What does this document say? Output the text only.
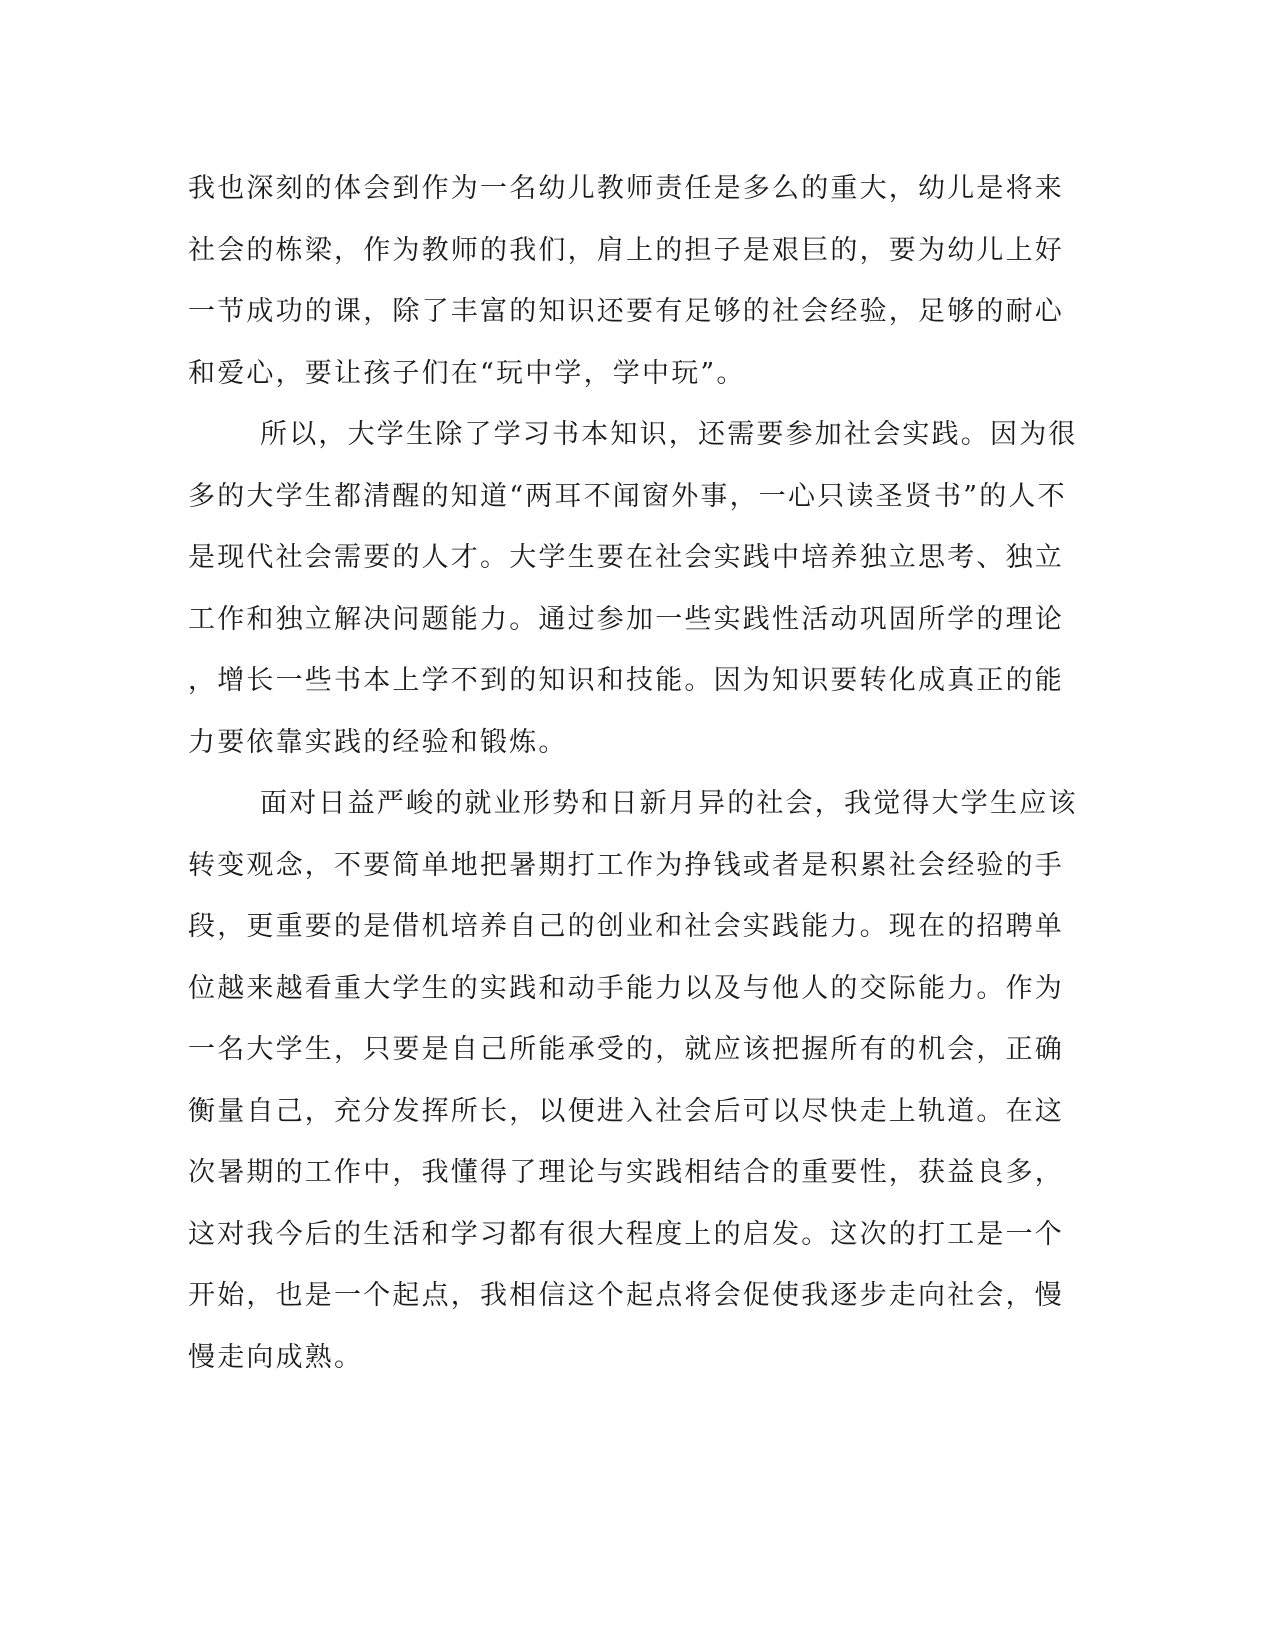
我也深刻的体会到作为一名幼儿教师责任是多么的重大，幼儿是将来
社会的栋梁，作为教师的我们，肩上的担子是艰巨的，要为幼儿上好
一节成功的课，除了丰富的知识还要有足够的社会经验，足够的耐心
和爱心，要让孩子们在“玩中学，学中玩”。
所以，大学生除了学习书本知识，还需要参加社会实践。因为很
多的大学生都清醒的知道“两耳不闻窗外事，一心只读圣贤书”的人不
是现代社会需要的人才。大学生要在社会实践中培养独立思考、独立
工作和独立解决问题能力。通过参加一些实践性活动巩固所学的理论
，增长一些书本上学不到的知识和技能。因为知识要转化成真正的能
力要依靠实践的经验和锻炼。
面对日益严峻的就业形势和日新月异的社会，我觉得大学生应该
转变观念，不要简单地把暑期打工作为挣钱或者是积累社会经验的手
段，更重要的是借机培养自己的创业和社会实践能力。现在的招聘单
位越来越看重大学生的实践和动手能力以及与他人的交际能力。作为
一名大学生，只要是自己所能承受的，就应该把握所有的机会，正确
衡量自己，充分发挥所长，以便进入社会后可以尽快走上轨道。在这
次暑期的工作中，我懂得了理论与实践相结合的重要性，获益良多，
这对我今后的生活和学习都有很大程度上的启发。这次的打工是一个
开始，也是一个起点，我相信这个起点将会促使我逐步走向社会，慢
慢走向成熟。
